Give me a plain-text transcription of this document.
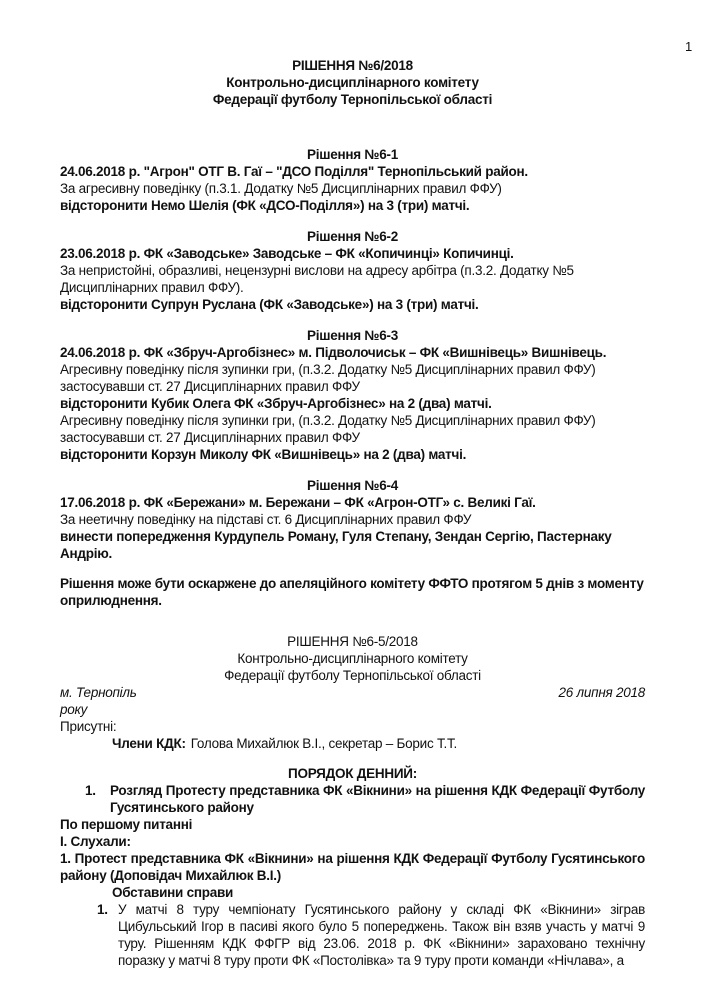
1
РІШЕННЯ №6/2018
Контрольно-дисциплінарного комітету
Федерації футболу Тернопільської області
Рішення №6-1
24.06.2018 р. "Агрон" ОТГ В. Гаї – "ДСО Поділля" Тернопільський район.
За агресивну поведінку (п.3.1. Додатку №5 Дисциплінарних правил ФФУ)
відсторонити Немо Шелія (ФК «ДСО-Поділля») на 3 (три) матчі.
Рішення №6-2
23.06.2018 р. ФК «Заводське» Заводське – ФК «Копичинці» Копичинці.
За непристойні, образливі, нецензурні вислови на адресу арбітра (п.3.2. Додатку №5 Дисциплінарних правил ФФУ).
відсторонити Супрун Руслана (ФК «Заводське») на 3 (три) матчі.
Рішення №6-3
24.06.2018 р. ФК «Збруч-Аргобізнес» м. Підволочиськ – ФК «Вишнівець» Вишнівець.
Агресивну поведінку після зупинки гри, (п.3.2. Додатку №5 Дисциплінарних правил ФФУ)
застосувавши ст. 27 Дисциплінарних правил ФФУ
відсторонити Кубик Олега ФК «Збруч-Аргобізнес» на 2 (два) матчі.
Агресивну поведінку після зупинки гри, (п.3.2. Додатку №5 Дисциплінарних правил ФФУ)
застосувавши ст. 27 Дисциплінарних правил ФФУ
відсторонити Корзун Миколу ФК «Вишнівець» на 2 (два) матчі.
Рішення №6-4
17.06.2018 р. ФК «Бережани» м. Бережани – ФК «Агрон-ОТГ» с. Великі Гаї.
За неетичну поведінку на підставі ст. 6 Дисциплінарних правил ФФУ
винести попередження Курдупель Роману, Гуля Степану, Зендан Сергію, Пастернаку Андрію.
Рішення може бути оскаржене до апеляційного комітету ФФТО протягом 5 днів з моменту оприлюднення.
РІШЕННЯ №6-5/2018
Контрольно-дисциплінарного комітету
Федерації футболу Тернопільської області
м. Тернопіль	26 липня 2018
року
Присутні:
Члени КДК: Голова Михайлюк В.І., секретар – Борис Т.Т.
ПОРЯДОК ДЕННИЙ:
1.	Розгляд Протесту представника ФК «Вікнини» на рішення КДК Федерації Футболу Гусятинського району
По першому питанні
І. Слухали:
1. Протест представника ФК «Вікнини» на рішення КДК Федерації Футболу Гусятинського району (Доповідач Михайлюк В.І.)
Обставини справи
1. У матчі 8 туру чемпіонату Гусятинського району у складі ФК «Вікнини» зіграв Цибульський Ігор в пасиві якого було 5 попереджень. Також він взяв участь у матчі 9 туру. Рішенням КДК ФФГР від 23.06. 2018 р. ФК «Вікнини» зараховано технічну поразку у матчі 8 туру проти ФК «Постолівка» та 9 туру проти команди «Нічлава», а
